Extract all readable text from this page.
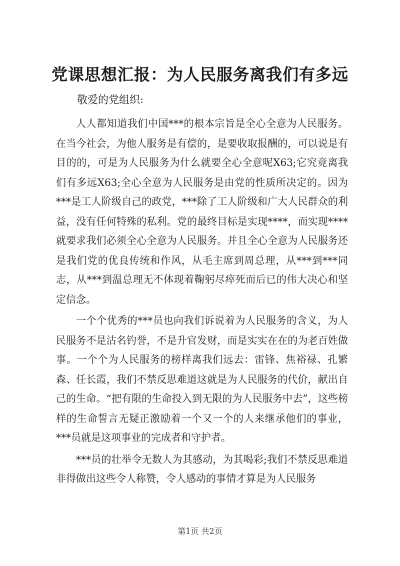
党课思想汇报：为人民服务离我们有多远

敬爱的党组织:

人人都知道我们中国***的根本宗旨是全心全意为人民服务。在当今社会，为他人服务是有偿的，是要收取报酬的，可以说是有目的的，可是为人民服务为什么就要全心全意呢X63;它究竟离我们有多远X63;全心全意为人民服务是由党的性质所决定的。因为***是工人阶级自己的政党，***除了工人阶级和广大人民群众的利益，没有任何特殊的私利。党的最终目标是实现****，而实现****就要求我们必须全心全意为人民服务。并且全心全意为人民服务还是我们党的优良传统和作风，从毛主席到周总理，从***到***同志，从***到温总理无不体现着鞠躬尽瘁死而后已的伟大决心和坚定信念。

一个个优秀的***员也向我们诉说着为人民服务的含义，为人民服务不是沽名钓誉，不是升官发财，而是实实在在的为老百姓做事。一个个为人民服务的榜样离我们远去：雷锋、焦裕禄、孔繁森、任长霞，我们不禁反思难道这就是为人民服务的代价，献出自己的生命。“把有限的生命投入到无限的为人民服务中去”，这些榜样的生命誓言无疑正激励着一个又一个的人来继承他们的事业，***员就是这项事业的完成者和守护者。

***员的壮举令无数人为其感动，为其喝彩;我们不禁反思难道非得做出这些令人称赞，令人感动的事情才算是为人民服务

第1页 共2页
